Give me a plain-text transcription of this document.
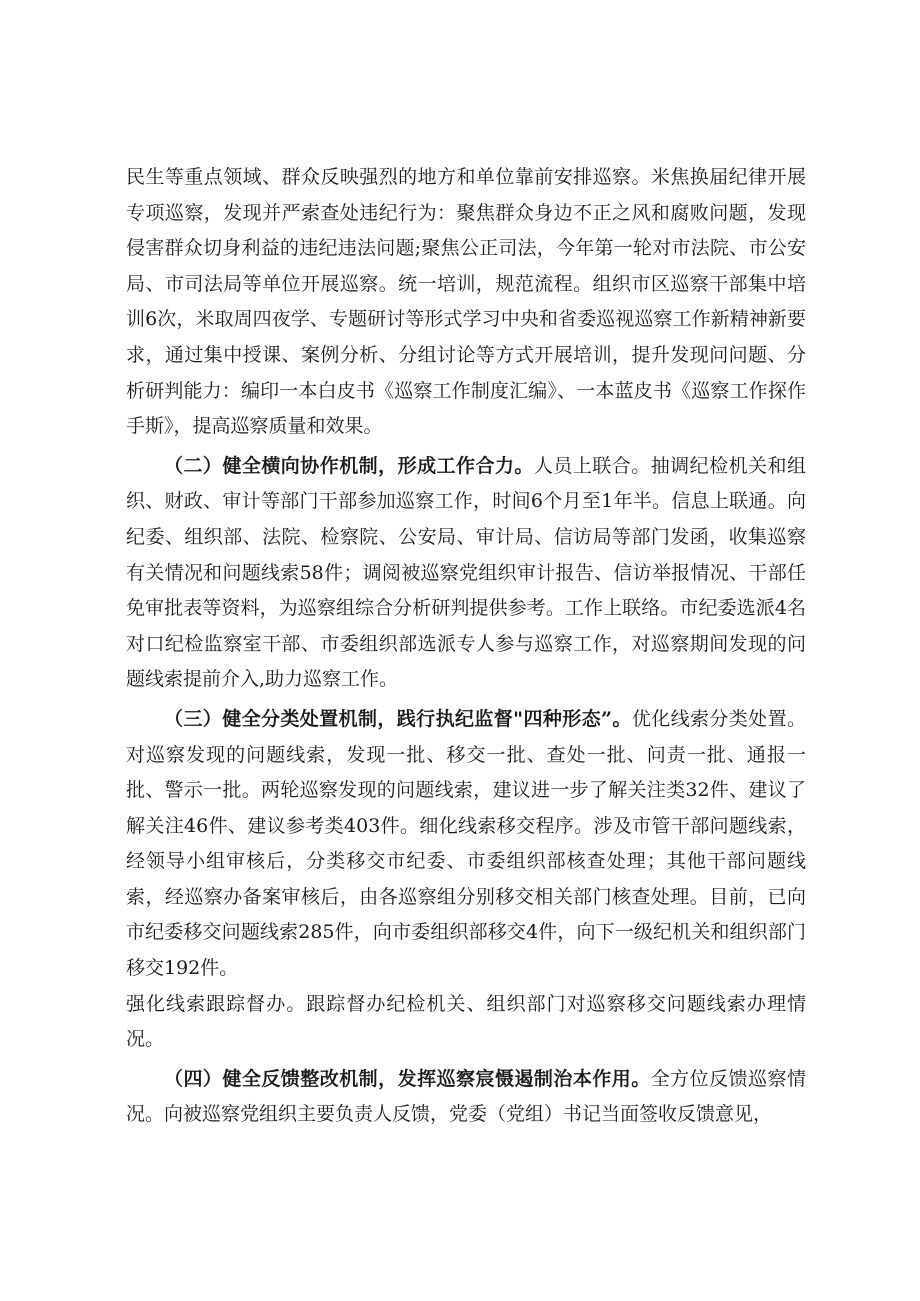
民生等重点领域、群众反映强烈的地方和单位靠前安排巡察。米焦换届纪律开展专项巡察，发现并严索查处违纪行为：聚焦群众身边不正之风和腐败问题，发现侵害群众切身利益的违纪违法问题;聚焦公正司法，今年第一轮对市法院、市公安局、市司法局等单位开展巡察。统一培训，规范流程。组织市区巡察干部集中培训6次，米取周四夜学、专题研讨等形式学习中央和省委巡视巡察工作新精神新要求，通过集中授课、案例分析、分组讨论等方式开展培训，提升发现问问题、分析研判能力：编印一本白皮书《巡察工作制度汇编》、一本蓝皮书《巡察工作探作手斯》，提高巡察质量和效果。

（二）健全横向协作机制，形成工作合力。人员上联合。抽调纪检机关和组织、财政、审计等部门干部参加巡察工作，时间6个月至1年半。信息上联通。向纪委、组织部、法院、检察院、公安局、审计局、信访局等部门发函，收集巡察有关情况和问题线索58件；调阅被巡察党组织审计报告、信访举报情况、干部任免审批表等资料，为巡察组综合分析研判提供参考。工作上联络。市纪委选派4名对口纪检监察室干部、市委组织部选派专人参与巡察工作，对巡察期间发现的问题线索提前介入,助力巡察工作。

（三）健全分类处置机制，践行执纪监督"四种形态”。优化线索分类处置。对巡察发现的问题线索，发现一批、移交一批、查处一批、问责一批、通报一批、警示一批。两轮巡察发现的问题线索，建议进一步了解关注类32件、建议了解关注46件、建议参考类403件。细化线索移交程序。涉及市管干部问题线索，经领导小组审核后，分类移交市纪委、市委组织部核查处理；其他干部问题线索，经巡察办备案审核后，由各巡察组分别移交相关部门核查处理。目前，已向市纪委移交问题线索285件，向市委组织部移交4件，向下一级纪机关和组织部门移交192件。

强化线索跟踪督办。跟踪督办纪检机关、组织部门对巡察移交问题线索办理情况。

（四）健全反馈整改机制，发挥巡察宸慑遏制治本作用。全方位反馈巡察情况。向被巡察党组织主要负责人反馈，党委（党组）书记当面签收反馈意见，
